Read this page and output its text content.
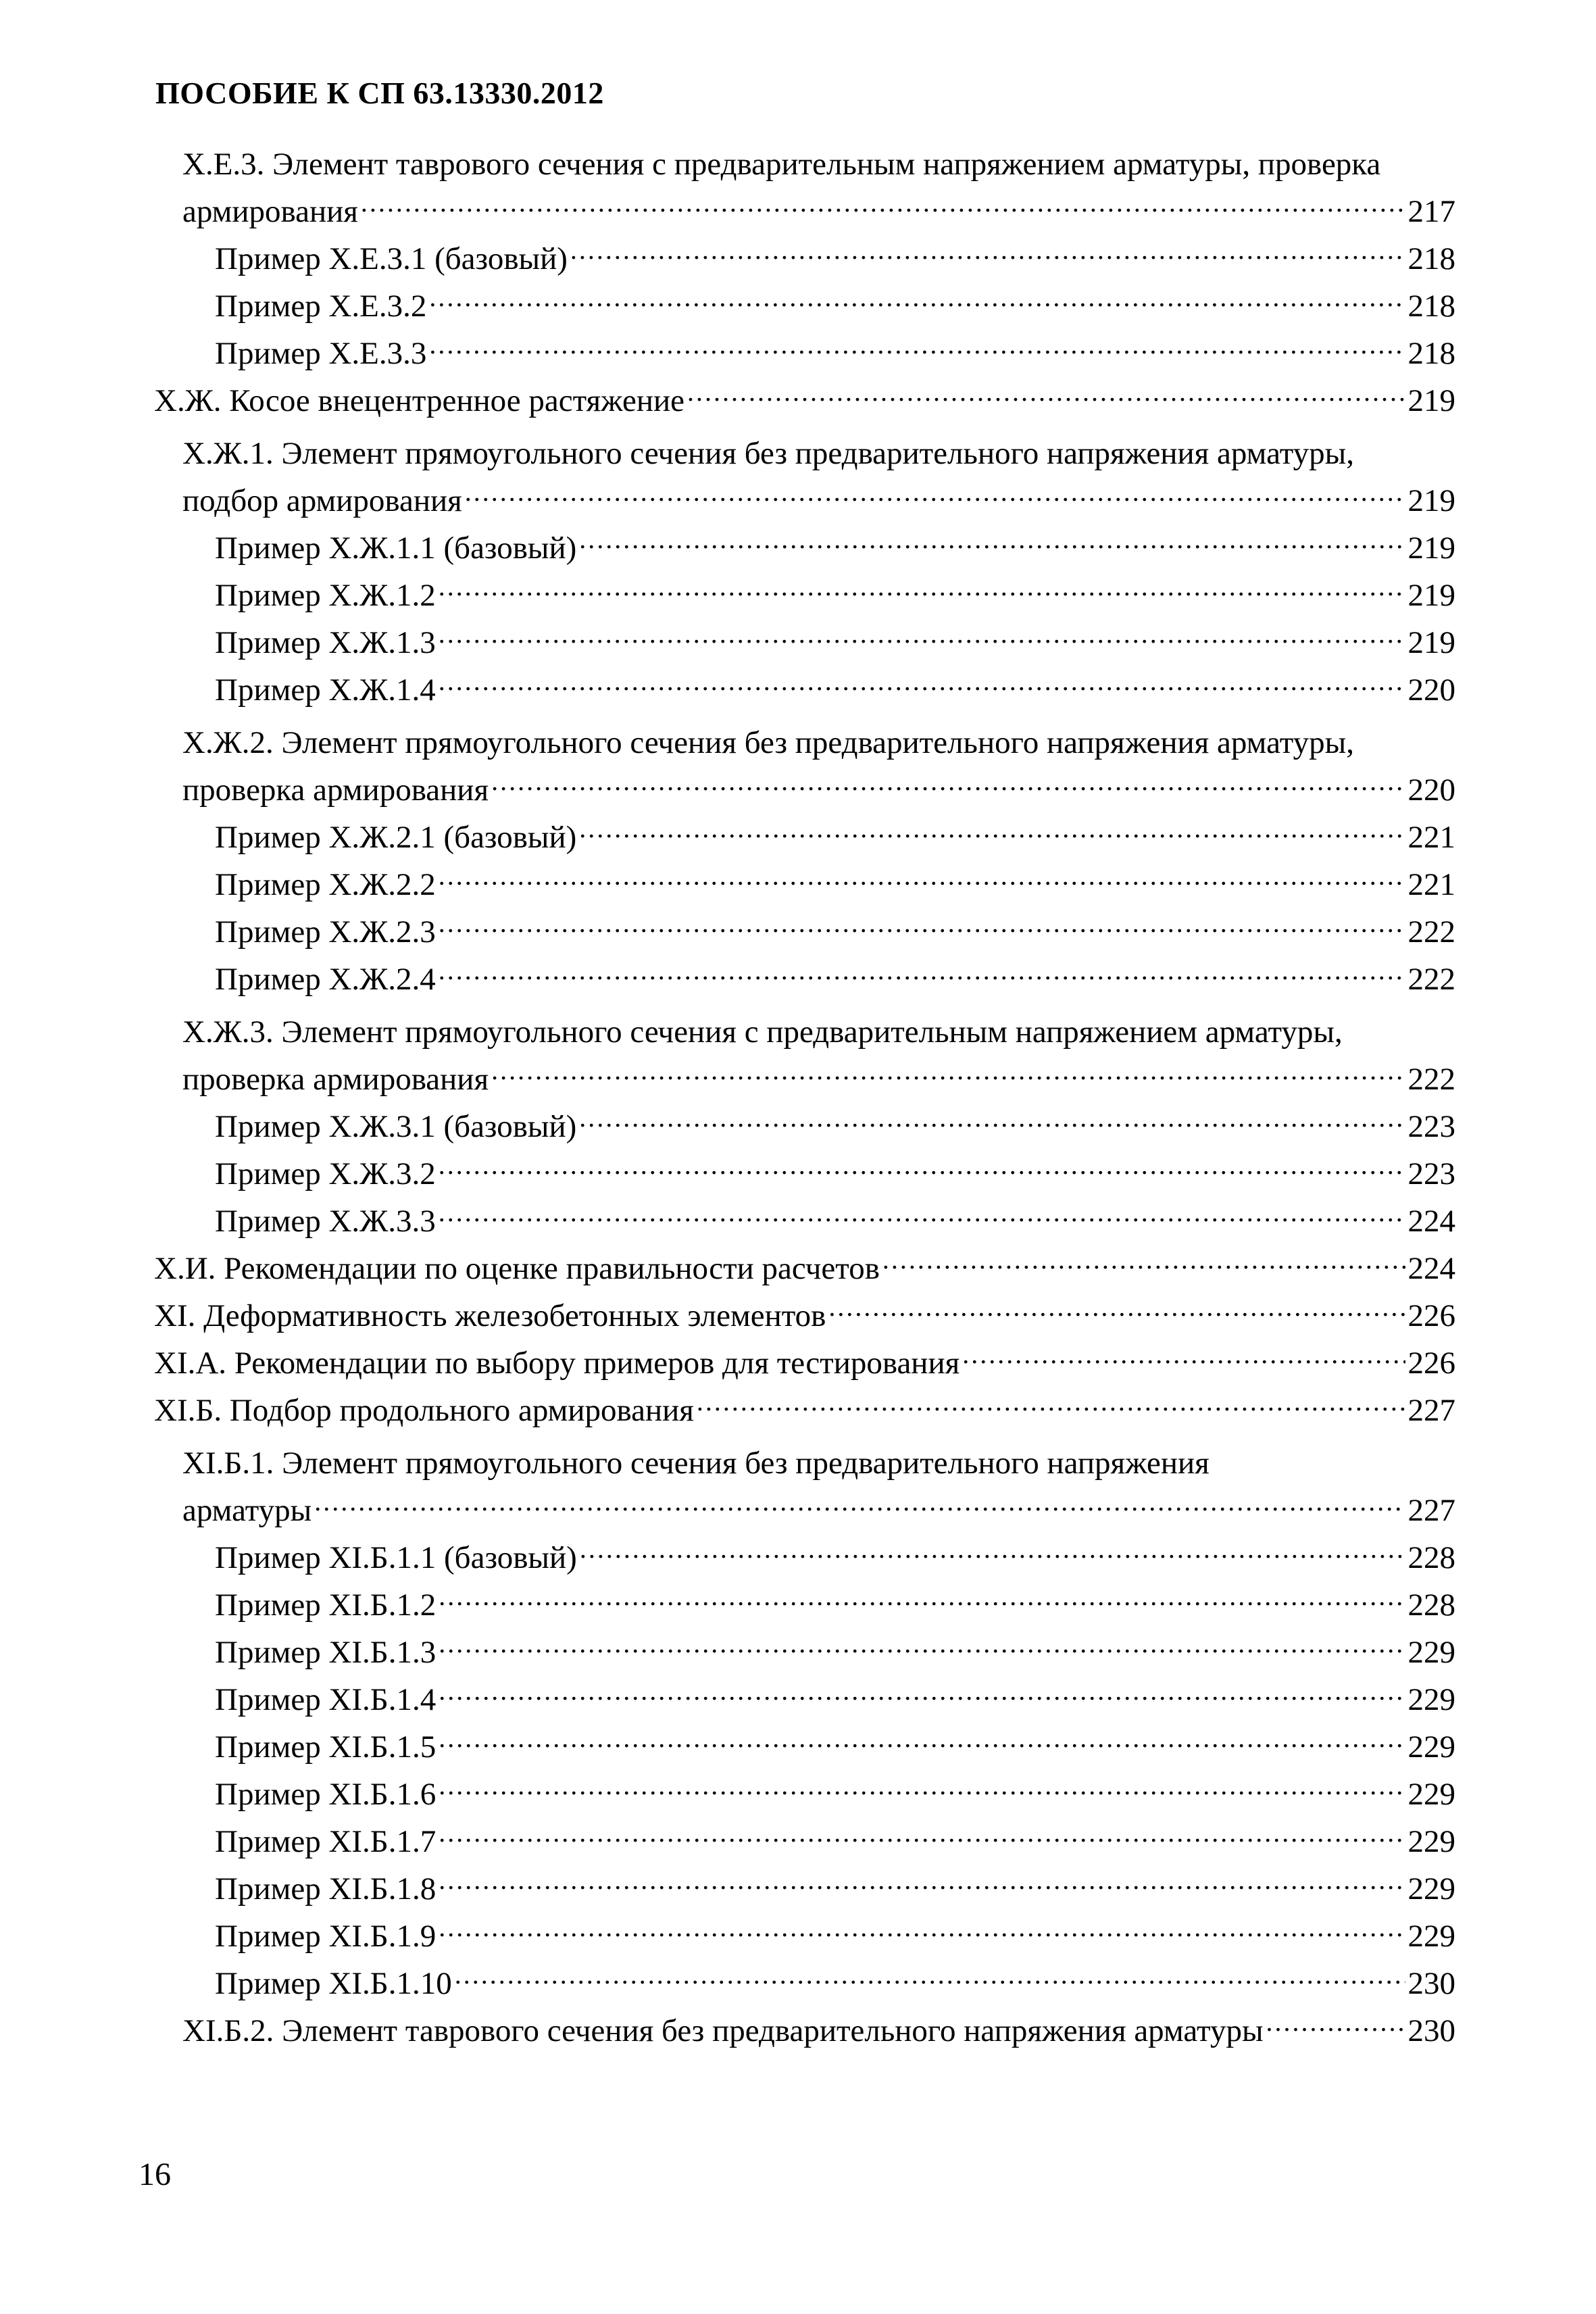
ПОСОБИЕ К СП 63.13330.2012
Х.Е.3. Элемент таврового сечения с предварительным напряжением арматуры, проверка
армирования .....	217
Пример Х.Е.3.1 (базовый) .....	218
Пример Х.Е.3.2 .....	218
Пример Х.Е.3.3 .....	218
Х.Ж. Косое внецентренное растяжение .....	219
Х.Ж.1. Элемент прямоугольного сечения без предварительного напряжения арматуры,
подбор армирования .....	219
Пример Х.Ж.1.1 (базовый) .....	219
Пример Х.Ж.1.2 .....	219
Пример Х.Ж.1.3 .....	219
Пример Х.Ж.1.4 .....	220
Х.Ж.2. Элемент прямоугольного сечения без предварительного напряжения арматуры,
проверка армирования .....	220
Пример Х.Ж.2.1 (базовый) .....	221
Пример Х.Ж.2.2 .....	221
Пример Х.Ж.2.3 .....	222
Пример Х.Ж.2.4 .....	222
Х.Ж.3. Элемент прямоугольного сечения с предварительным напряжением арматуры,
проверка армирования .....	222
Пример Х.Ж.3.1 (базовый) .....	223
Пример Х.Ж.3.2 .....	223
Пример Х.Ж.3.3 .....	224
Х.И. Рекомендации по оценке правильности расчетов .....	224
XI. Деформативность железобетонных элементов .....	226
XI.А. Рекомендации по выбору примеров для тестирования .....	226
XI.Б. Подбор продольного армирования .....	227
XI.Б.1. Элемент прямоугольного сечения без предварительного напряжения
арматуры .....	227
Пример XI.Б.1.1 (базовый) .....	228
Пример XI.Б.1.2 .....	228
Пример XI.Б.1.3 .....	229
Пример XI.Б.1.4 .....	229
Пример XI.Б.1.5 .....	229
Пример XI.Б.1.6 .....	229
Пример XI.Б.1.7 .....	229
Пример XI.Б.1.8 .....	229
Пример XI.Б.1.9 .....	229
Пример XI.Б.1.10 .....	230
XI.Б.2. Элемент таврового сечения без предварительного напряжения арматуры .....	230
16
